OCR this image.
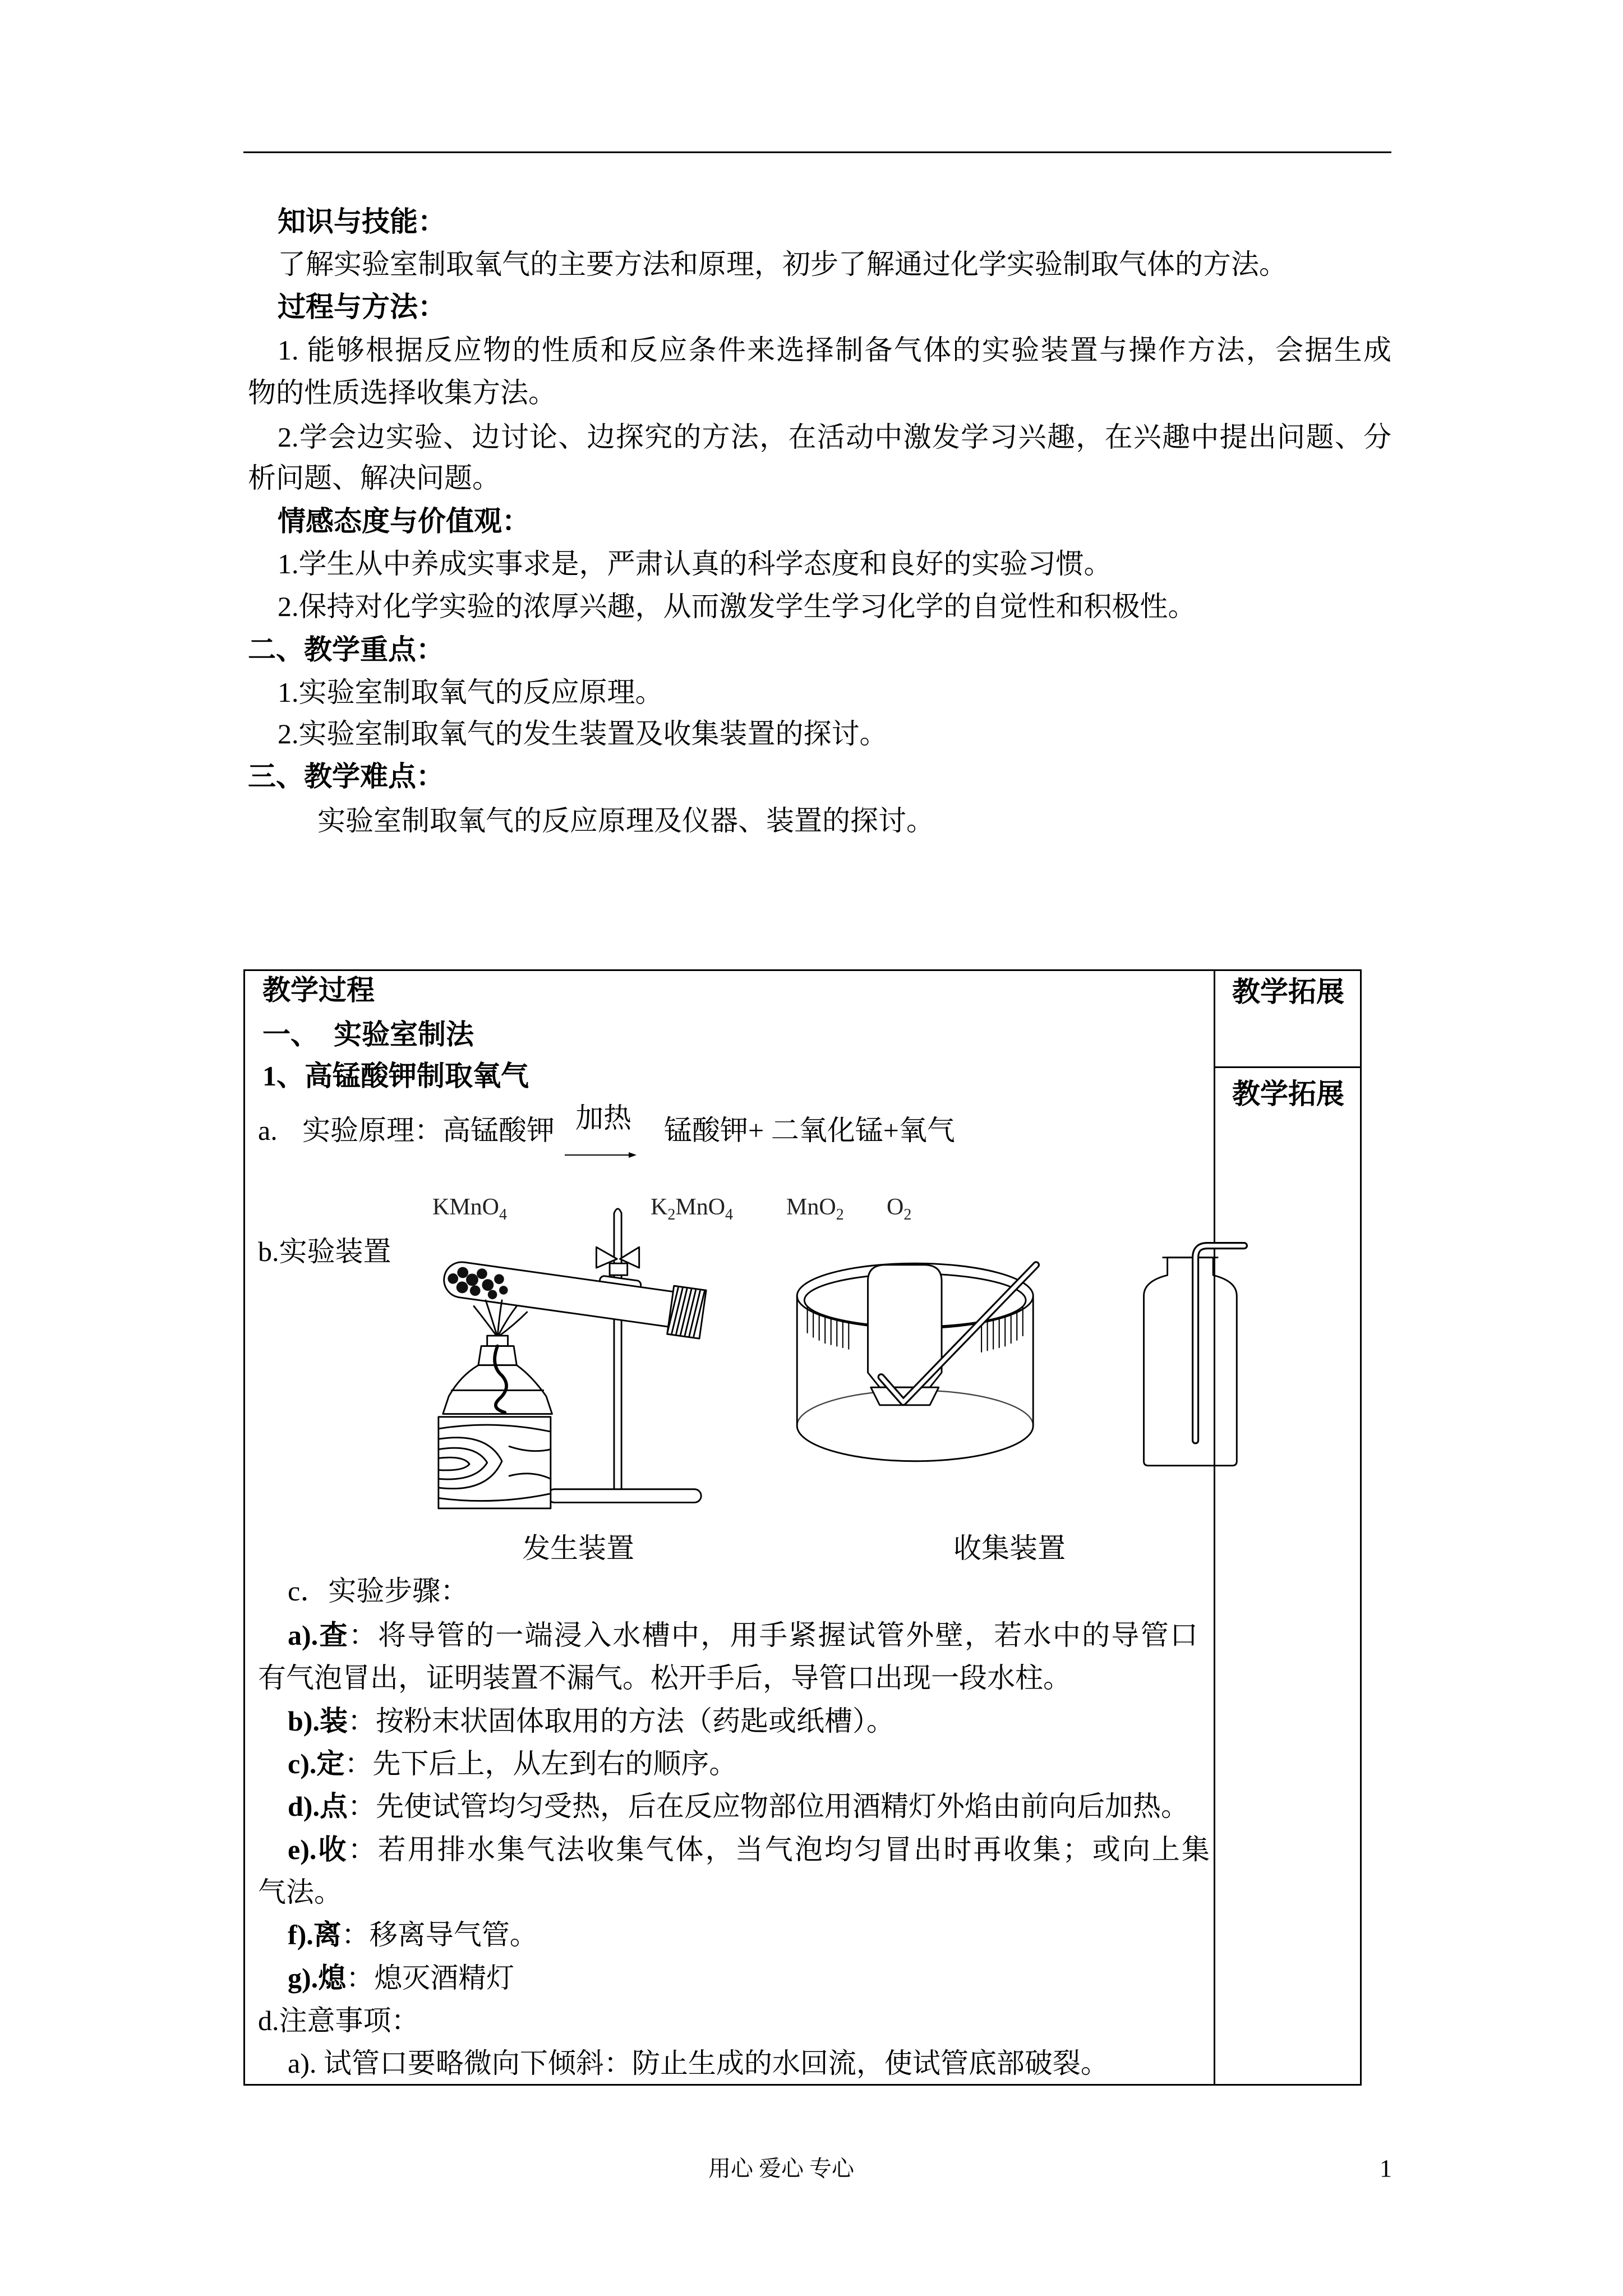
知识与技能：
了解实验室制取氧气的主要方法和原理，初步了解通过化学实验制取气体的方法。
过程与方法：
1. 能够根据反应物的性质和反应条件来选择制备气体的实验装置与操作方法，会据生成
物的性质选择收集方法。
2.学会边实验、边讨论、边探究的方法，在活动中激发学习兴趣，在兴趣中提出问题、分
析问题、解决问题。
情感态度与价值观：
1.学生从中养成实事求是，严肃认真的科学态度和良好的实验习惯。
2.保持对化学实验的浓厚兴趣，从而激发学生学习化学的自觉性和积极性。
二、教学重点：
1.实验室制取氧气的反应原理。
2.实验室制取氧气的发生装置及收集装置的探讨。
三、教学难点：
实验室制取氧气的反应原理及仪器、装置的探讨。
教学拓展
教学拓展
教学过程
一、 实验室制法
1、高锰酸钾制取氧气
a. 实验原理：高锰酸钾 加热 锰酸钾+ 二氧化锰+氧气
KMnO$_4$	$K_2MnO_4$ MnO$_2$ $O_2$
b.实验装置
发生装置	收集装置
c．实验步骤：
a).查：将导管的一端浸入水槽中，用手紧握试管外壁，若水中的导管口
有气泡冒出，证明装置不漏气。松开手后，导管口出现一段水柱。
b).装：按粉末状固体取用的方法（药匙或纸槽）。
c).定：先下后上，从左到右的顺序。
d).点：先使试管均匀受热，后在反应物部位用酒精灯外焰由前向后加热。
e).收：若用排水集气法收集气体，当气泡均匀冒出时再收集；或向上集
气法。
f).离：移离导气管。
g).熄：熄灭酒精灯
d.注意事项：
a). 试管口要略微向下倾斜：防止生成的水回流，使试管底部破裂。
用心 爱心 专心	1
